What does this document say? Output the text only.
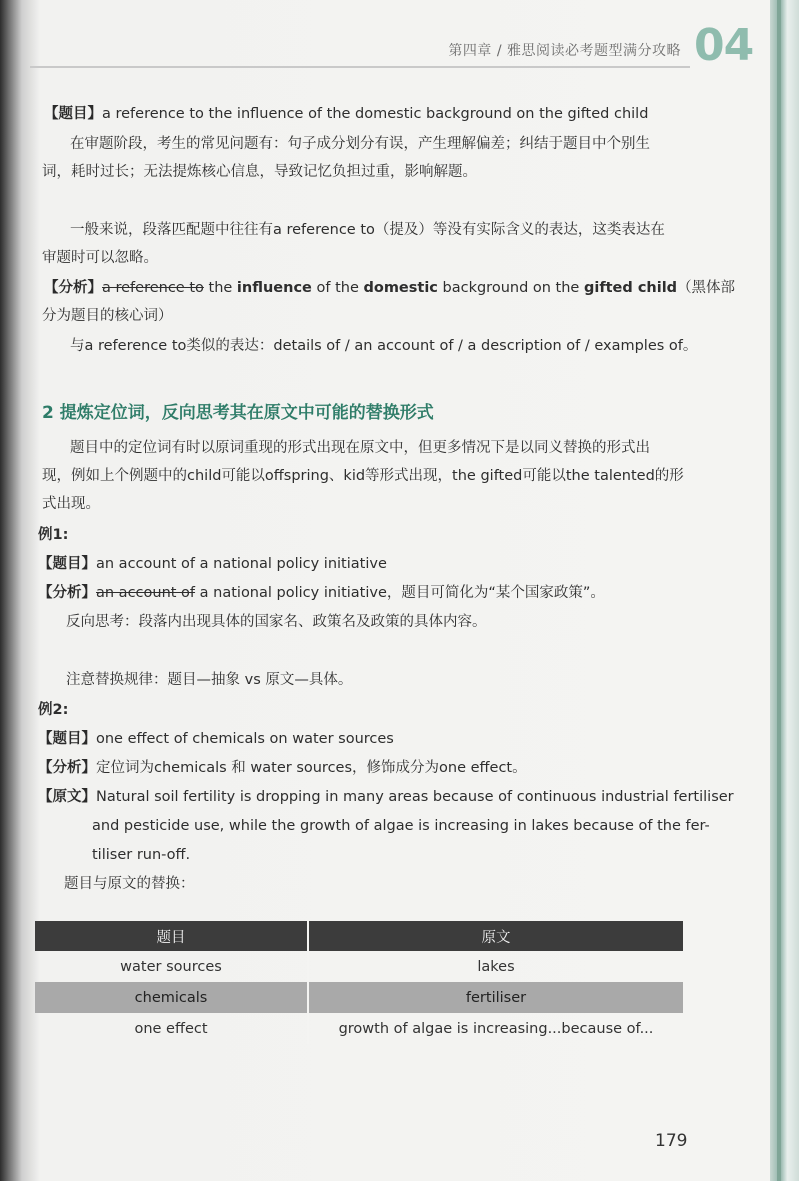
第四章 / 雅思阅读必考题型满分攻略 04
【题目】a reference to the influence of the domestic background on the gifted child
在审题阶段，考生的常见问题有：句子成分划分有误，产生理解偏差；纠结于题目中个别生
词，耗时过长；无法提炼核心信息，导致记忆负担过重，影响解题。
一般来说，段落匹配题中往往有a reference to（提及）等没有实际含义的表达，这类表达在
审题时可以忽略。
【分析】a reference to the influence of the domestic background on the gifted child（黑体部
分为题目的核心词）
与a reference to类似的表达：details of / an account of / a description of / examples of。
2 提炼定位词，反向思考其在原文中可能的替换形式
题目中的定位词有时以原词重现的形式出现在原文中，但更多情况下是以同义替换的形式出
现，例如上个例题中的child可能以offspring、kid等形式出现，the gifted可能以the talented的形
式出现。
例1:
【题目】an account of a national policy initiative
【分析】an account of a national policy initiative，题目可简化为“某个国家政策”。
反向思考：段落内出现具体的国家名、政策名及政策的具体内容。
注意替换规律：题目—抽象 vs 原文—具体。
例2:
【题目】one effect of chemicals on water sources
【分析】定位词为chemicals 和 water sources，修饰成分为one effect。
【原文】Natural soil fertility is dropping in many areas because of continuous industrial fertiliser
and pesticide use, while the growth of algae is increasing in lakes because of the fer-
tiliser run-off.
题目与原文的替换：
题目	原文
water sources	lakes
chemicals	fertiliser
one effect	growth of algae is increasing...because of...
179
